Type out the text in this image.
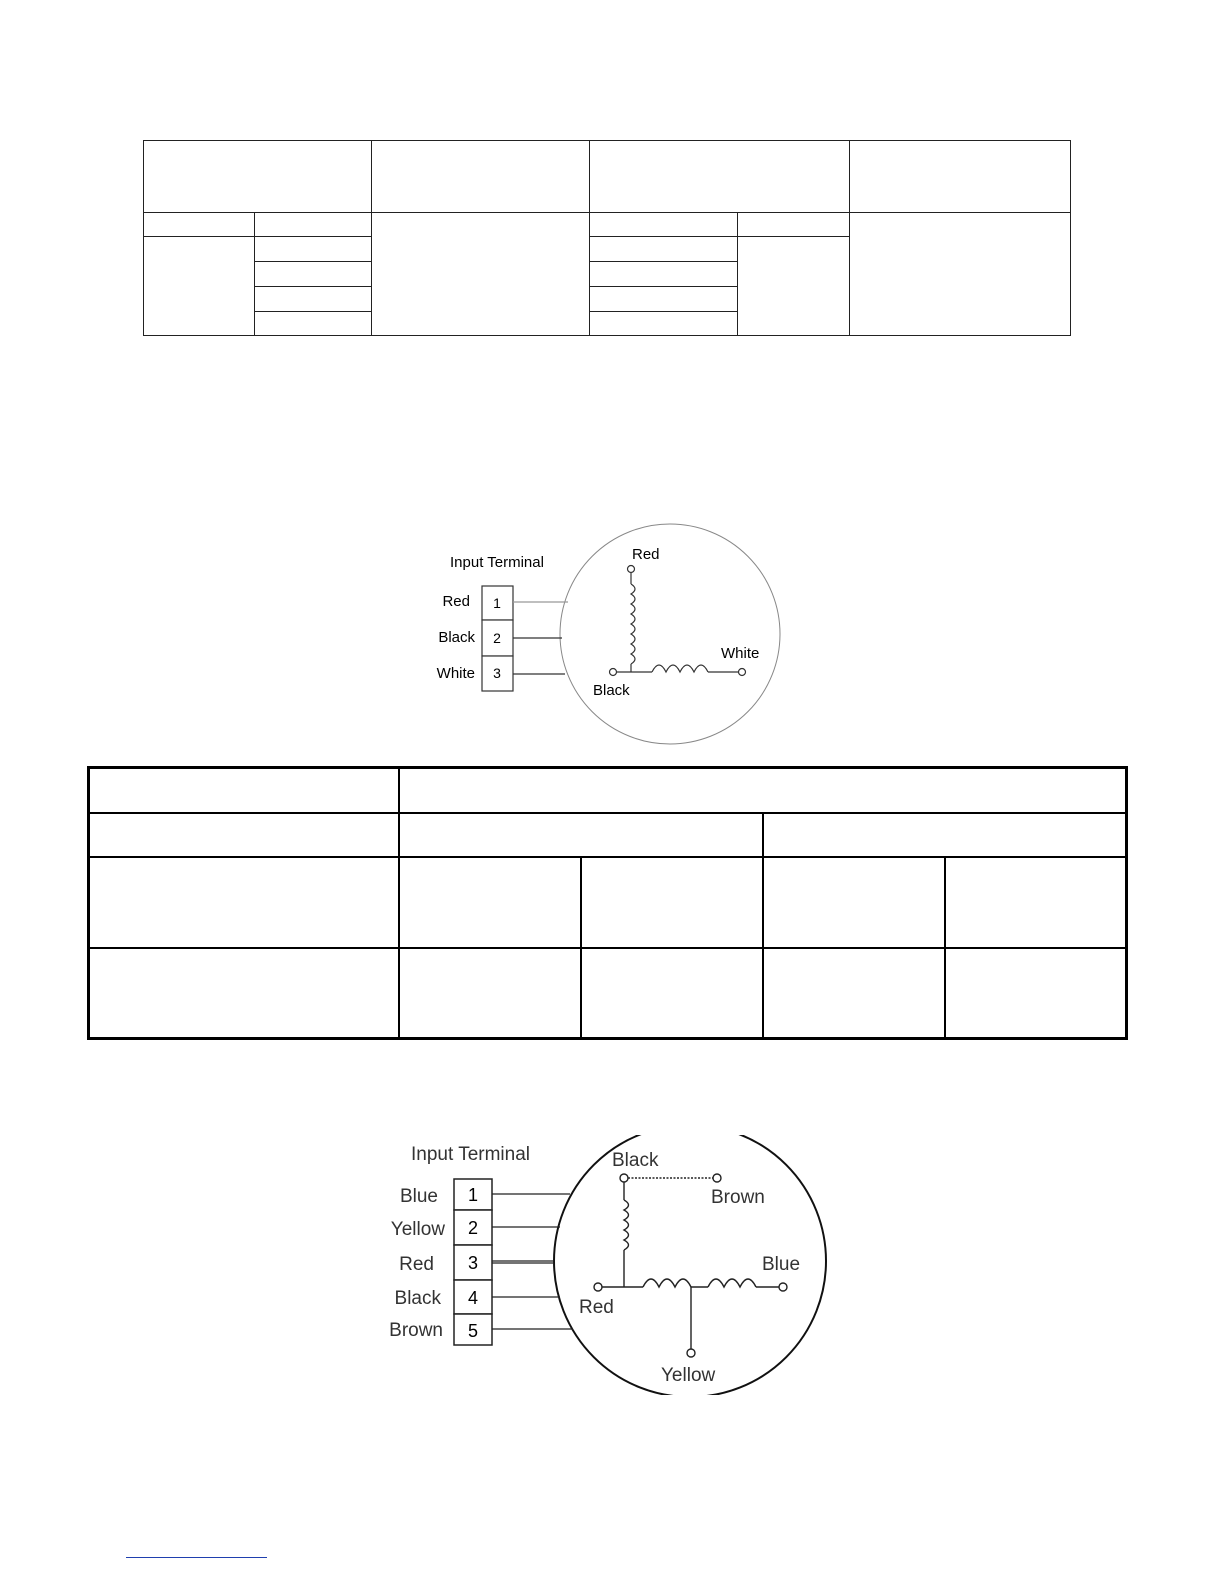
Input Terminal
1
2
3
Red
Black
White
Red
White
Black

Input Terminal
1
2
3
4
5
Blue
Yellow
Red
Black
Brown
Black
Brown
Blue
Red
Yellow
